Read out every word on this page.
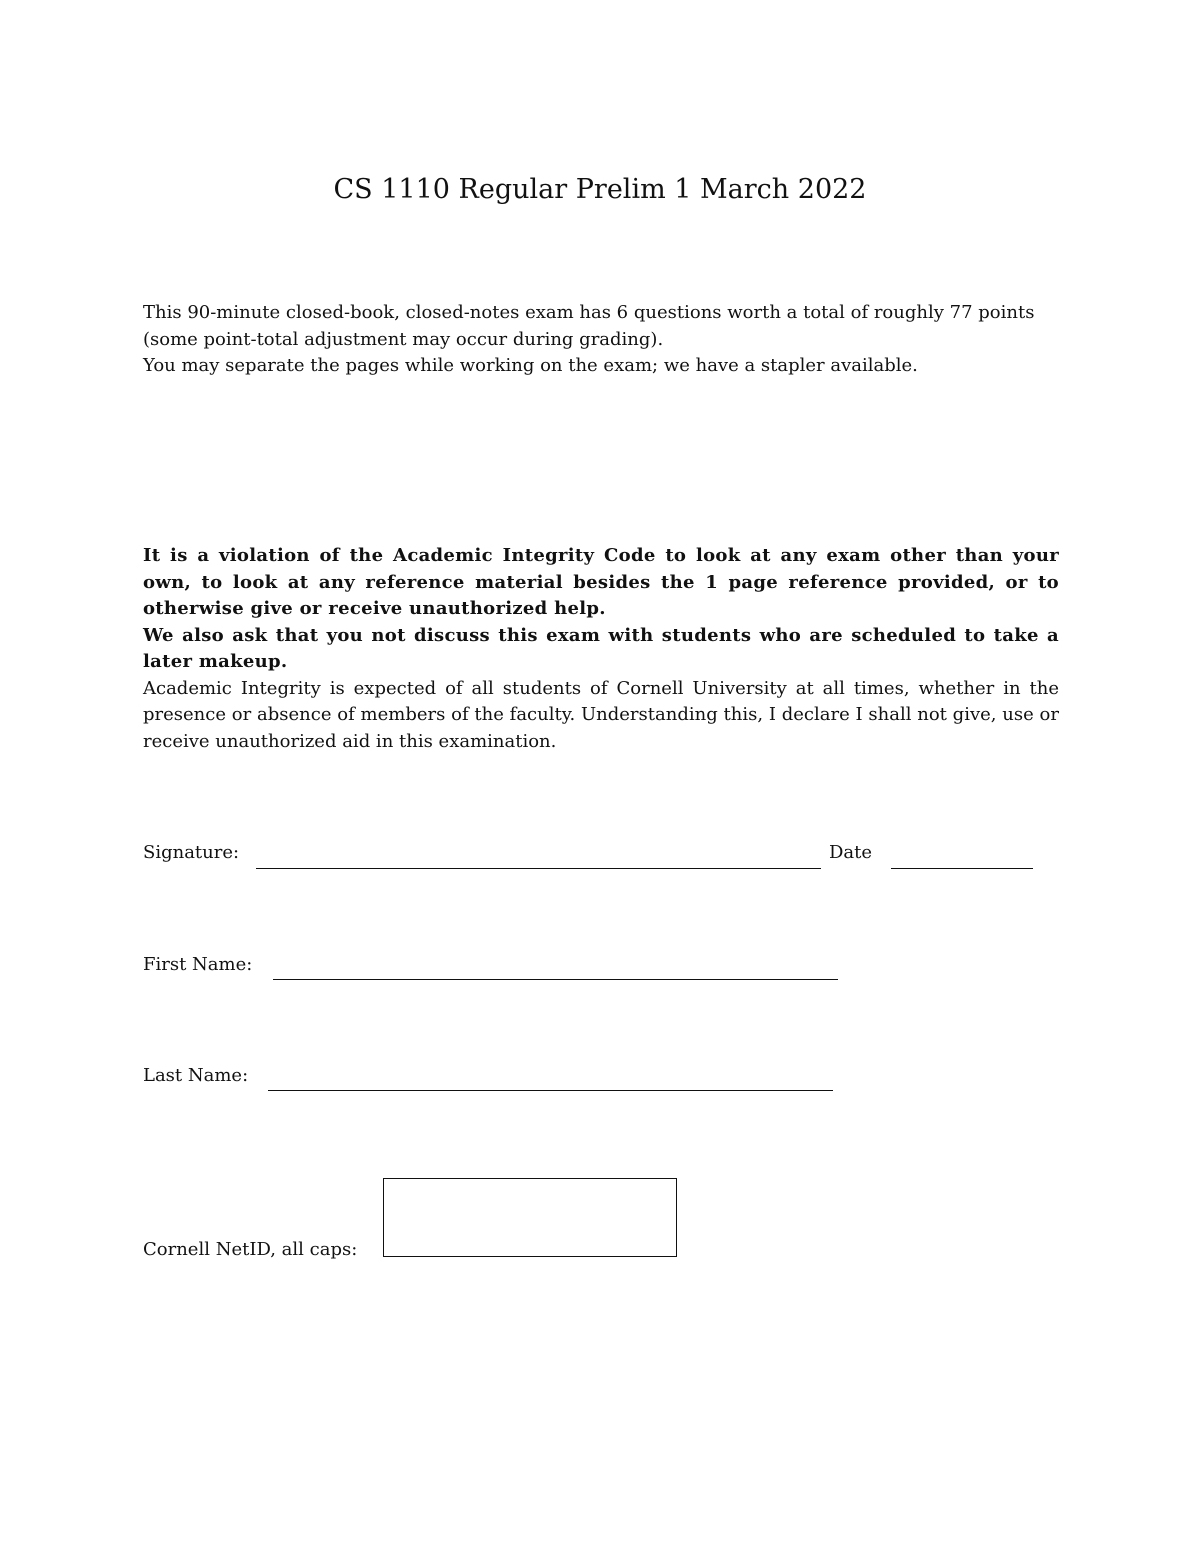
CS 1110 Regular Prelim 1 March 2022

This 90-minute closed-book, closed-notes exam has 6 questions worth a total of roughly 77 points (some point-total adjustment may occur during grading).

You may separate the pages while working on the exam; we have a stapler available.

It is a violation of the Academic Integrity Code to look at any exam other than your own, to look at any reference material besides the 1 page reference provided, or to otherwise give or receive unauthorized help.

We also ask that you not discuss this exam with students who are scheduled to take a later makeup.

Academic Integrity is expected of all students of Cornell University at all times, whether in the presence or absence of members of the faculty. Understanding this, I declare I shall not give, use or receive unauthorized aid in this examination.

Signature:	Date
First Name:
Last Name:
Cornell NetID, all caps:
